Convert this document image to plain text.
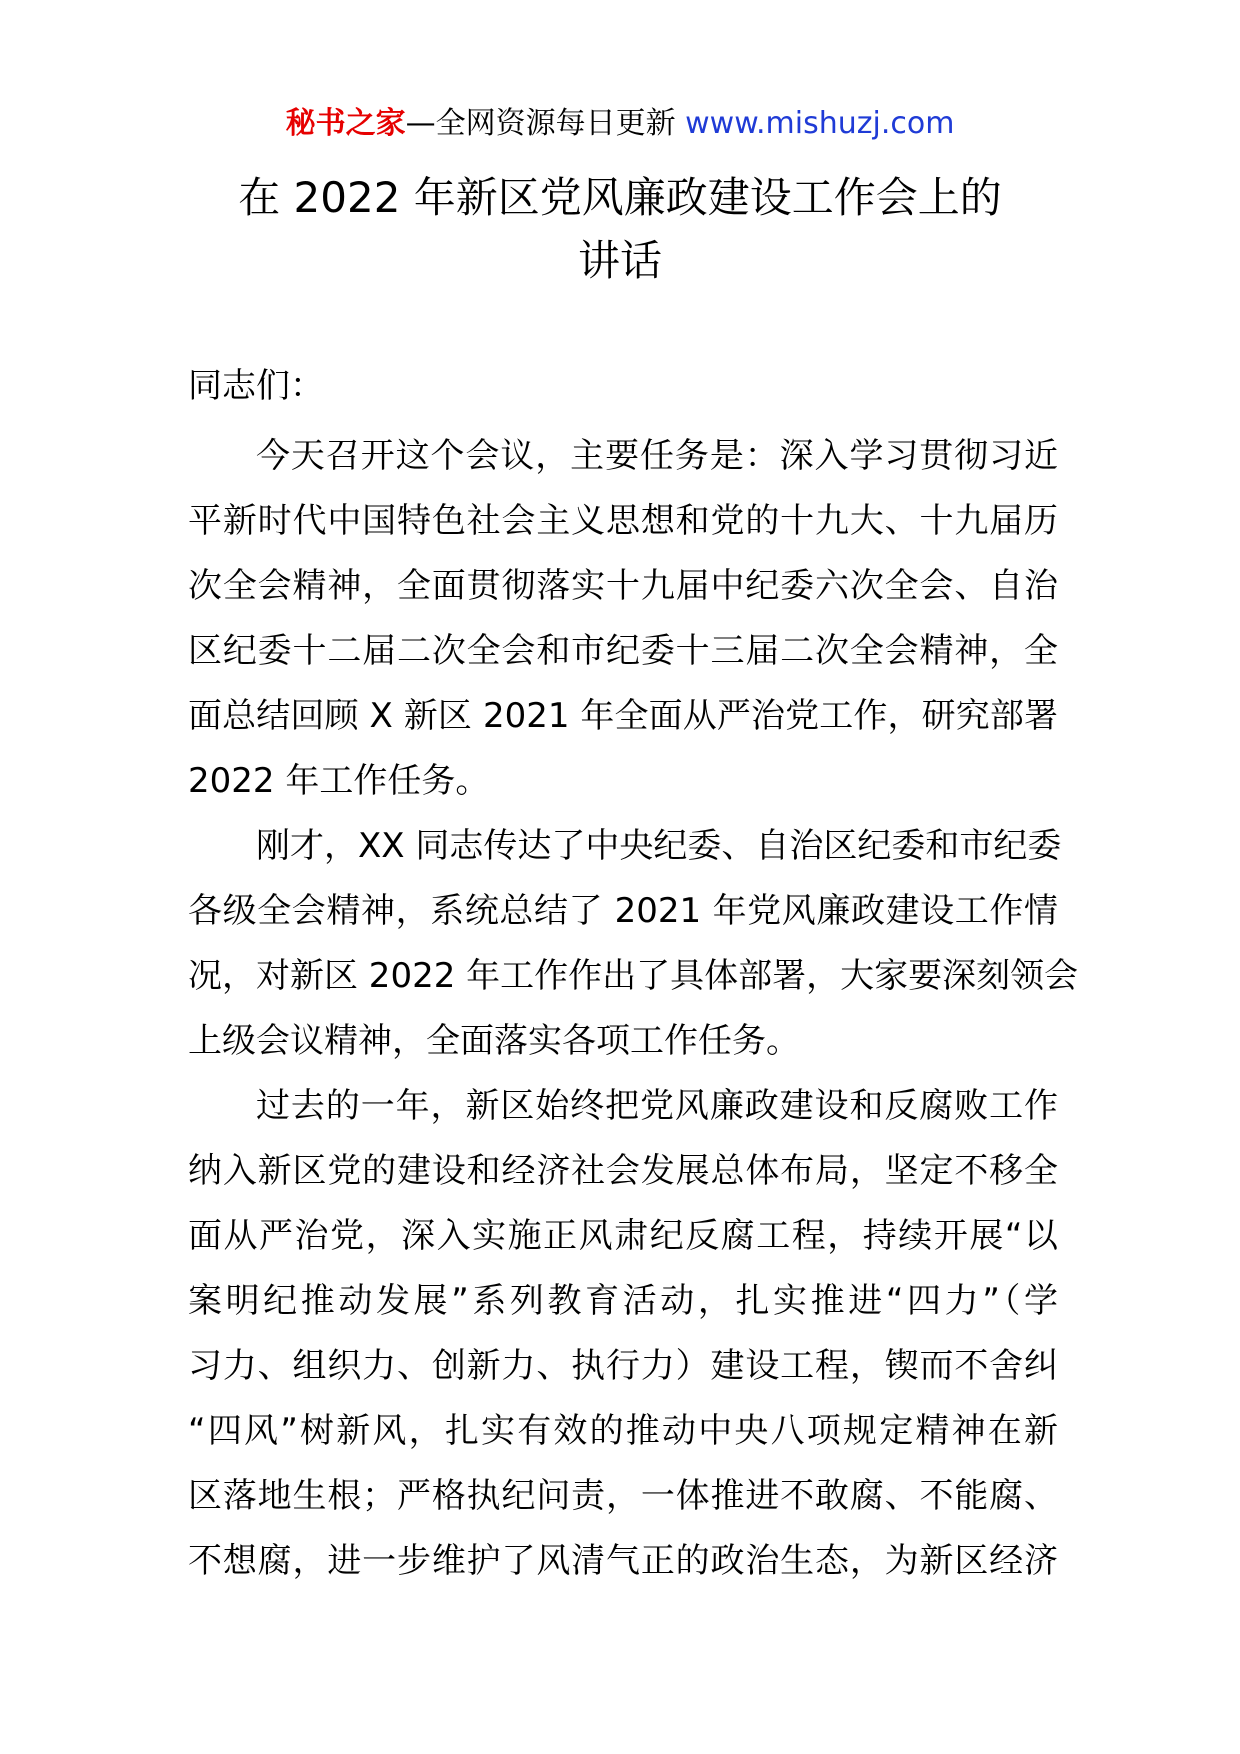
秘书之家—全网资源每日更新 www.mishuzj.com
在 2022 年新区党风廉政建设工作会上的
讲话
同志们：
今天召开这个会议，主要任务是：深入学习贯彻习近
平新时代中国特色社会主义思想和党的十九大、十九届历
次全会精神，全面贯彻落实十九届中纪委六次全会、自治
区纪委十二届二次全会和市纪委十三届二次全会精神，全
面总结回顾 X 新区 2021 年全面从严治党工作，研究部署
2022 年工作任务。
刚才，XX 同志传达了中央纪委、自治区纪委和市纪委
各级全会精神，系统总结了 2021 年党风廉政建设工作情
况，对新区 2022 年工作作出了具体部署，大家要深刻领会
上级会议精神，全面落实各项工作任务。
过去的一年，新区始终把党风廉政建设和反腐败工作
纳入新区党的建设和经济社会发展总体布局，坚定不移全
面从严治党，深入实施正风肃纪反腐工程，持续开展“以
案明纪推动发展”系列教育活动，扎实推进“四力”（学
习力、组织力、创新力、执行力）建设工程，锲而不舍纠
“四风”树新风，扎实有效的推动中央八项规定精神在新
区落地生根；严格执纪问责，一体推进不敢腐、不能腐、
不想腐，进一步维护了风清气正的政治生态，为新区经济
